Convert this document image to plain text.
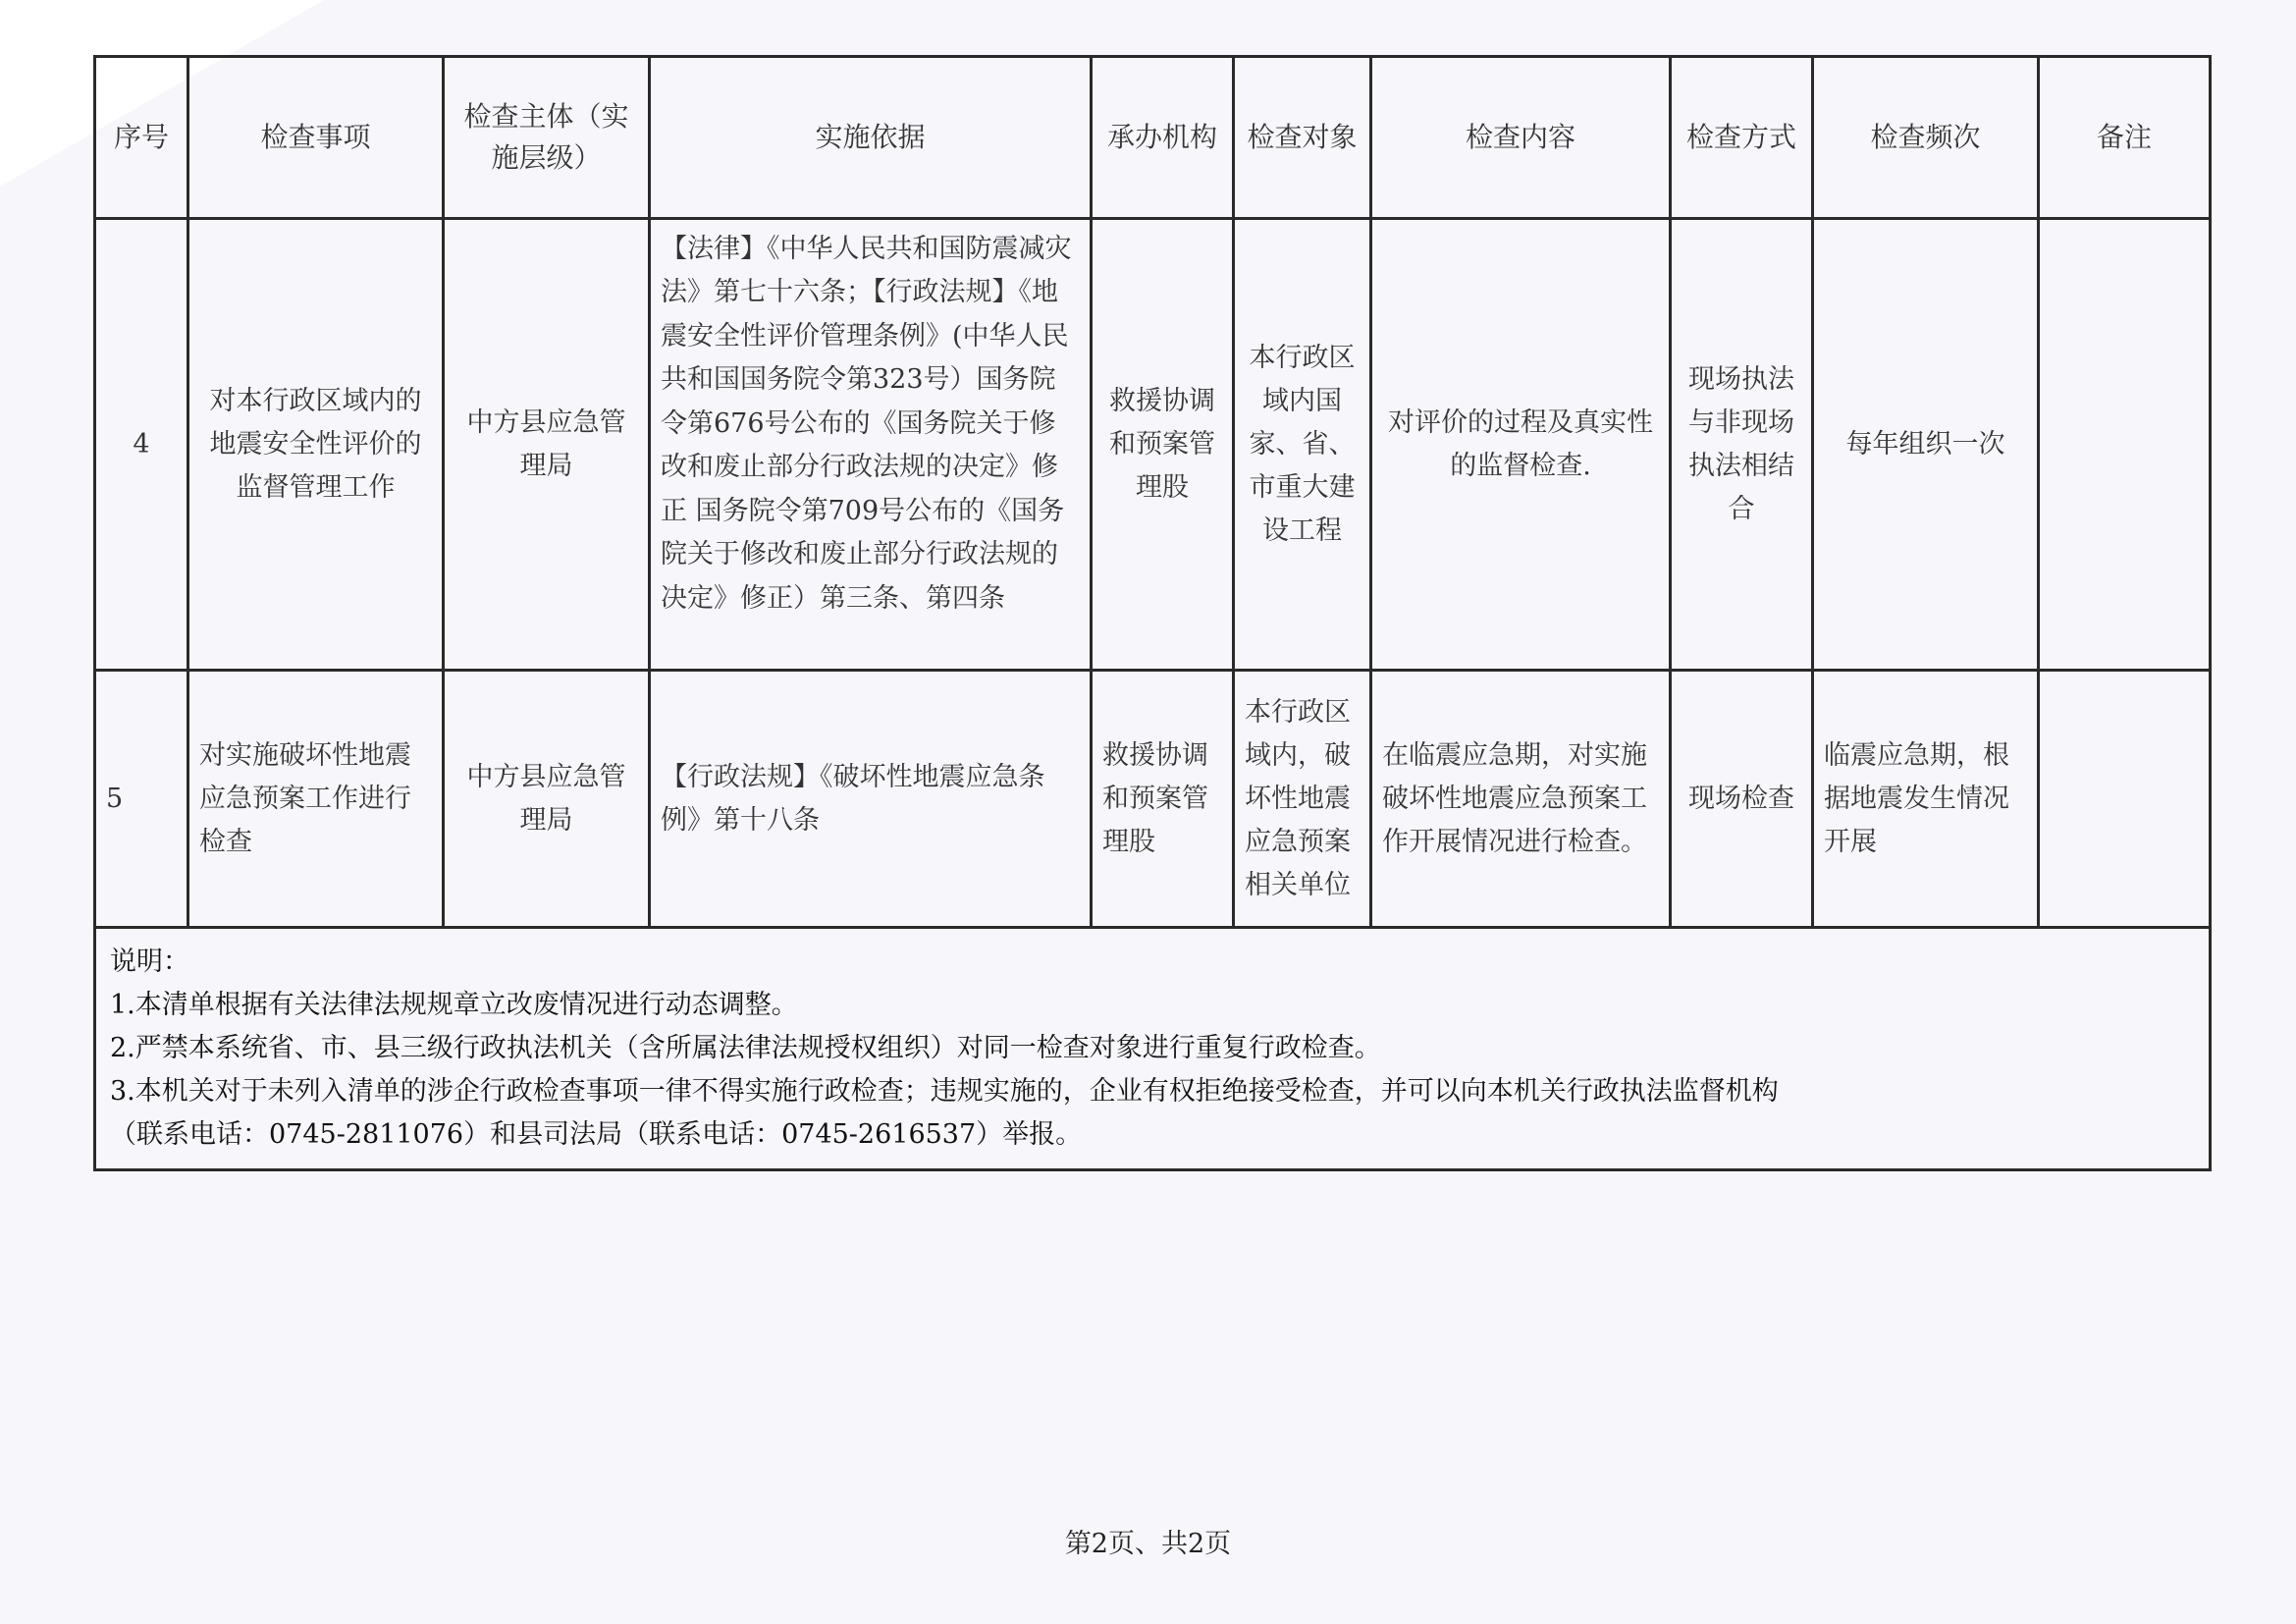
序号	检查事项	检查主体（实施层级）	实施依据	承办机构	检查对象	检查内容	检查方式	检查频次	备注
4	对本行政区域内的地震安全性评价的监督管理工作	中方县应急管理局	【法律】《中华人民共和国防震减灾法》第七十六条；【行政法规】《地震安全性评价管理条例》(中华人民共和国国务院令第323号）国务院令第676号公布的《国务院关于修改和废止部分行政法规的决定》修正 国务院令第709号公布的《国务院关于修改和废止部分行政法规的决定》修正）第三条、第四条	救援协调和预案管理股	本行政区域内国家、省、市重大建设工程	对评价的过程及真实性的监督检查.	现场执法与非现场执法相结合	每年组织一次	
5	对实施破坏性地震应急预案工作进行检查	中方县应急管理局	【行政法规】《破坏性地震应急条例》第十八条	救援协调和预案管理股	本行政区域内，破坏性地震应急预案相关单位	在临震应急期，对实施破坏性地震应急预案工作开展情况进行检查。	现场检查	临震应急期，根据地震发生情况开展	

说明：
1.本清单根据有关法律法规规章立改废情况进行动态调整。
2.严禁本系统省、市、县三级行政执法机关（含所属法律法规授权组织）对同一检查对象进行重复行政检查。
3.本机关对于未列入清单的涉企行政检查事项一律不得实施行政检查；违规实施的，企业有权拒绝接受检查，并可以向本机关行政执法监督机构
（联系电话：0745-2811076）和县司法局（联系电话：0745-2616537）举报。									
第2页、共2页
